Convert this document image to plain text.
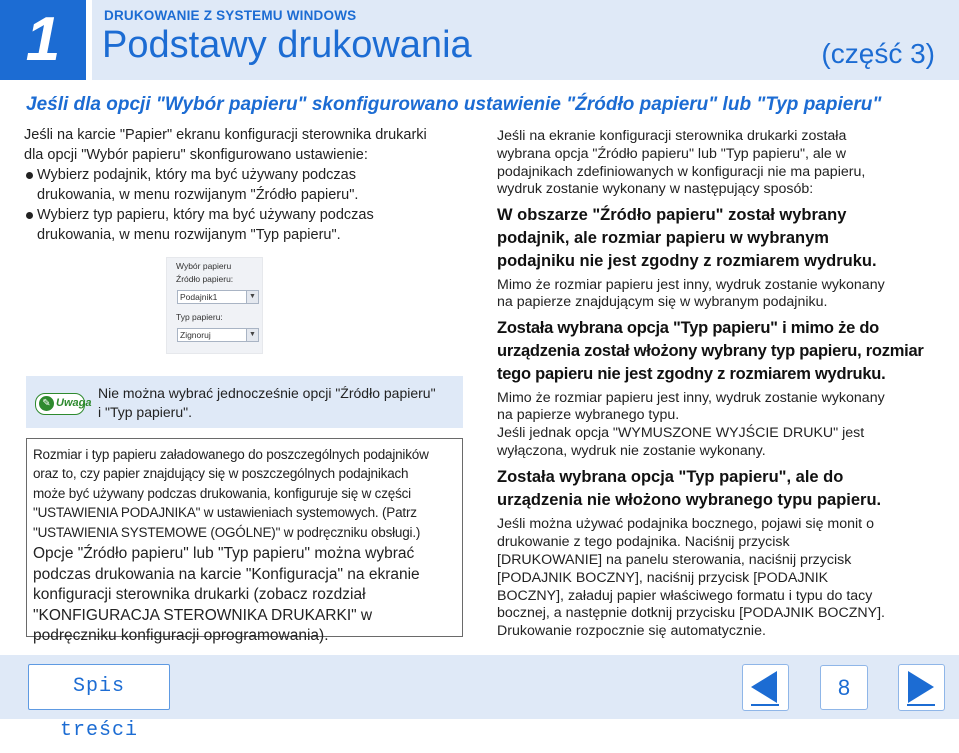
1	DRUKOWANIE Z SYSTEMU WINDOWS
Podstawy drukowania	(część 3)
Jeśli dla opcji "Wybór papieru" skonfigurowano ustawienie "Źródło papieru" lub "Typ papieru"
Jeśli na karcie "Papier" ekranu konfiguracji sterownika drukarki
dla opcji "Wybór papieru" skonfigurowano ustawienie:
Wybierz podajnik, który ma być używany podczas
drukowania, w menu rozwijanym "Źródło papieru".
Wybierz typ papieru, który ma być używany podczas
drukowania, w menu rozwijanym "Typ papieru".
Wybór papieru
Źródło papieru:
Podajnik1	▼
Typ papieru:
Zignoruj	▼
✎ Uwaga
Nie można wybrać jednocześnie opcji "Źródło papieru"
i "Typ papieru".
Rozmiar i typ papieru załadowanego do poszczególnych podajników
oraz to, czy papier znajdujący się w poszczególnych podajnikach
może być używany podczas drukowania, konfiguruje się w części
"USTAWIENIA PODAJNIKA" w ustawieniach systemowych. (Patrz
"USTAWIENIA SYSTEMOWE (OGÓLNE)" w podręczniku obsługi.)
Opcje "Źródło papieru" lub "Typ papieru" można wybrać
podczas drukowania na karcie "Konfiguracja" na ekranie
konfiguracji sterownika drukarki (zobacz rozdział
"KONFIGURACJA STEROWNIKA DRUKARKI" w
podręczniku konfiguracji oprogramowania).
Jeśli na ekranie konfiguracji sterownika drukarki została
wybrana opcja "Źródło papieru" lub "Typ papieru", ale w
podajnikach zdefiniowanych w konfiguracji nie ma papieru,
wydruk zostanie wykonany w następujący sposób:
W obszarze "Źródło papieru" został wybrany
podajnik, ale rozmiar papieru w wybranym
podajniku nie jest zgodny z rozmiarem wydruku.
Mimo że rozmiar papieru jest inny, wydruk zostanie wykonany
na papierze znajdującym się w wybranym podajniku.
Została wybrana opcja "Typ papieru" i mimo że do
urządzenia został włożony wybrany typ papieru, rozmiar
tego papieru nie jest zgodny z rozmiarem wydruku.
Mimo że rozmiar papieru jest inny, wydruk zostanie wykonany
na papierze wybranego typu.
Jeśli jednak opcja "WYMUSZONE WYJŚCIE DRUKU" jest
wyłączona, wydruk nie zostanie wykonany.
Została wybrana opcja "Typ papieru", ale do
urządzenia nie włożono wybranego typu papieru.
Jeśli można używać podajnika bocznego, pojawi się monit o
drukowanie z tego podajnika. Naciśnij przycisk
[DRUKOWANIE] na panelu sterowania, naciśnij przycisk
[PODAJNIK BOCZNY], naciśnij przycisk [PODAJNIK
BOCZNY], załaduj papier właściwego formatu i typu do tacy
bocznej, a następnie dotknij przycisku [PODAJNIK BOCZNY].
Drukowanie rozpocznie się automatycznie.
Spis treści
8
